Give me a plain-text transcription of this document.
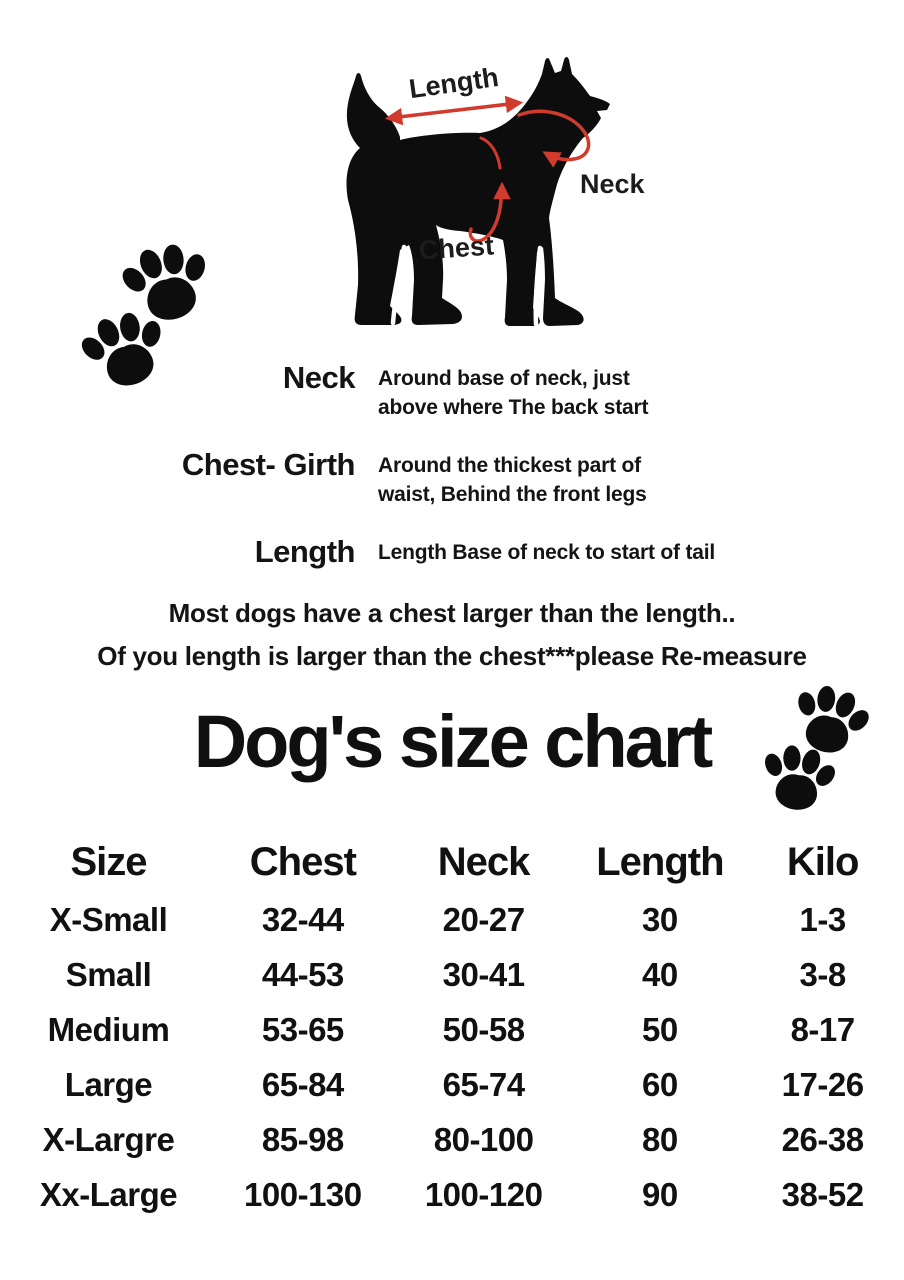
Length
Neck
Chest
Neck Around base of neck, just
above where The back start
Chest- Girth Around the thickest part of
waist, Behind the front legs
Length Length Base of neck to start of tail
Most dogs have a chest larger than the length..
Of you length is larger than the chest***please Re-measure
Dog's size chart
Size	Chest	Neck	Length	Kilo
X-Small	32-44	20-27	30	1-3
Small	44-53	30-41	40	3-8
Medium	53-65	50-58	50	8-17
Large	65-84	65-74	60	17-26
X-Largre	85-98	80-100	80	26-38
Xx-Large	100-130	100-120	90	38-52
